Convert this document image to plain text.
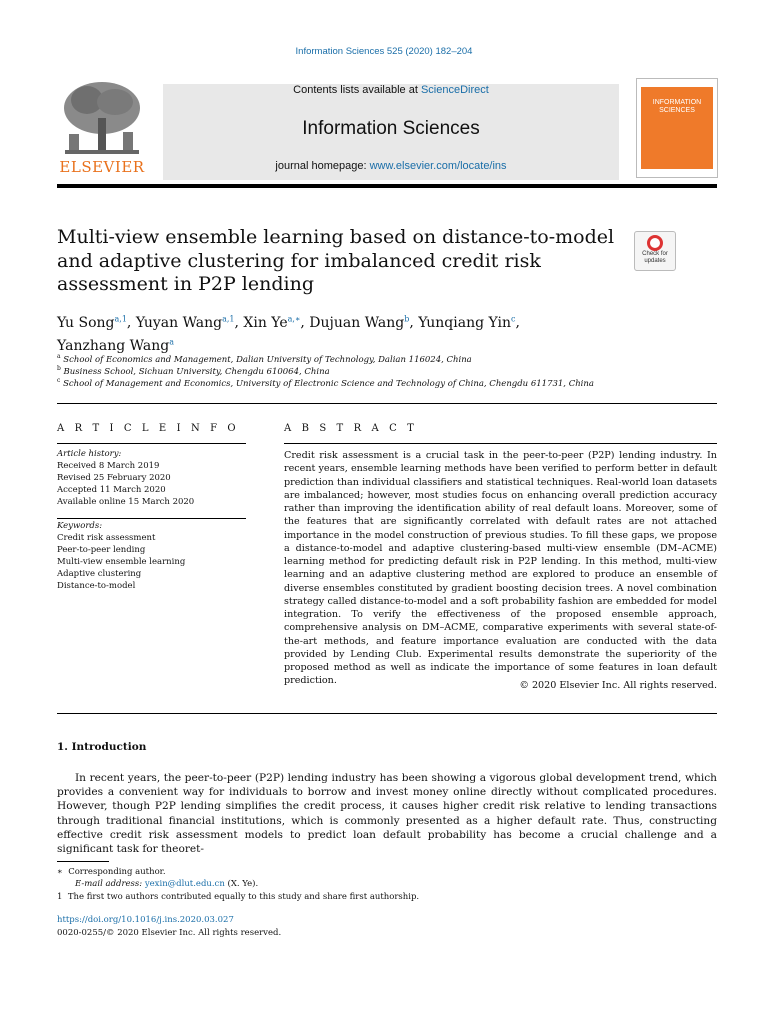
Information Sciences 525 (2020) 182–204
ELSEVIER
Contents lists available at ScienceDirect
Information Sciences
journal homepage: www.elsevier.com/locate/ins
INFORMATION SCIENCES
Multi-view ensemble learning based on distance-to-model and adaptive clustering for imbalanced credit risk assessment in P2P lending
Check for updates
Yu Song$^{a,1}$, Yuyan Wang$^{a,1}$, Xin $Ye^{a,∗}$, Dujuan Wang$^b$, Yunqiang Yin$^c$,
Yanzhang Wang$^a$
$^a$ School of Economics and Management, Dalian University of Technology, Dalian 116024, China
$^b$ Business School, Sichuan University, Chengdu 610064, China
$^c$ School of Management and Economics, University of Electronic Science and Technology of China, Chengdu 611731, China
A R T I C L E I N F O
Article history:
Received 8 March 2019
Revised 25 February 2020
Accepted 11 March 2020
Available online 15 March 2020
Keywords:
Credit risk assessment
Peer-to-peer lending
Multi-view ensemble learning
Adaptive clustering
Distance-to-model
A B S T R A C T
Credit risk assessment is a crucial task in the peer-to-peer (P2P) lending industry. In recent years, ensemble learning methods have been verified to perform better in default prediction than individual classifiers and statistical techniques. Real-world loan datasets are imbalanced; however, most studies focus on enhancing overall prediction accuracy rather than improving the identification ability of real default loans. Moreover, some of the features that are significantly correlated with default rates are not attached importance in the model construction of previous studies. To fill these gaps, we propose a distance-to-model and adaptive clustering-based multi-view ensemble (DM–ACME) learning method for predicting default risk in P2P lending. In this method, multi-view learning and an adaptive clustering method are explored to produce an ensemble of diverse ensembles constituted by gradient boosting decision trees. A novel combination strategy called distance-to-model and a soft probability fashion are embedded for model integration. To verify the effectiveness of the proposed ensemble approach, comprehensive analysis on DM–ACME, comparative experiments with several state-of-the-art methods, and feature importance evaluation are conducted with the data provided by Lending Club. Experimental results demonstrate the superiority of the proposed method as well as indicate the importance of some features in loan default prediction.	© 2020 Elsevier Inc. All rights reserved.
1. Introduction
In recent years, the peer-to-peer (P2P) lending industry has been showing a vigorous global development trend, which provides a convenient way for individuals to borrow and invest money online directly without complicated procedures. However, though P2P lending simplifies the credit process, it causes higher credit risk relative to lending transactions through traditional financial institutions, which is commonly presented as a higher default rate. Thus, constructing effective credit risk assessment models to predict loan default probability has become a crucial challenge and a significant task for theoret-
∗ Corresponding author.
E-mail address: yexin@dlut.edu.cn (X. Ye).
1 The first two authors contributed equally to this study and share first authorship.
https://doi.org/10.1016/j.ins.2020.03.027
0020-0255/© 2020 Elsevier Inc. All rights reserved.
